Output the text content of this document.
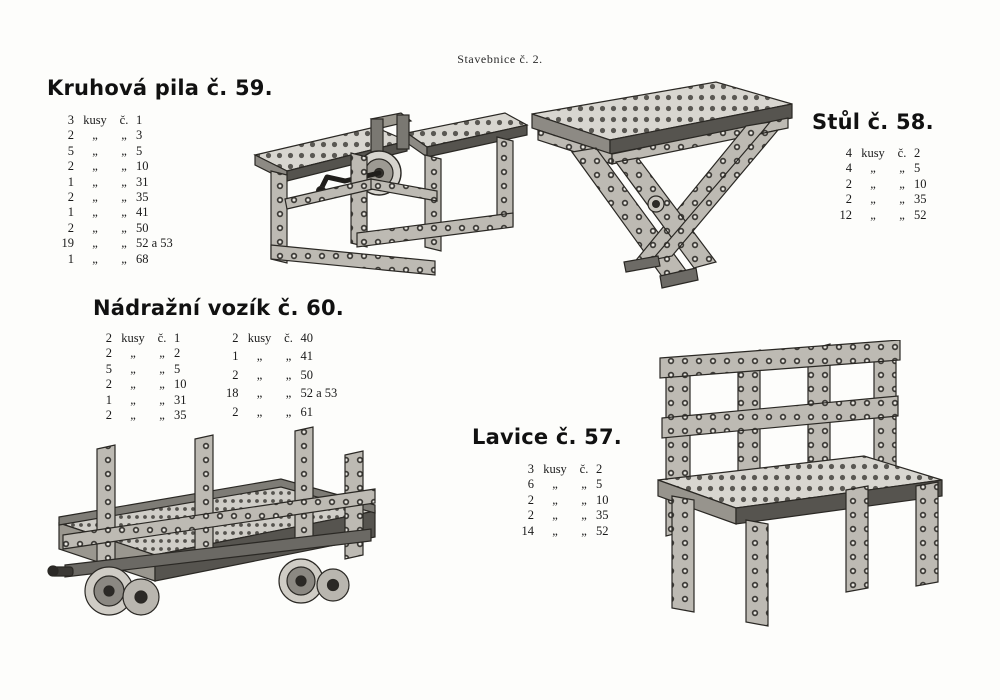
Stavebnice č. 2.
Kruhová pila č. 59.
3	kusy	č.	1
2	„	„	3
5	„	„	5
2	„	„	10
1	„	„	31
2	„	„	35
1	„	„	41
2	„	„	50
19	„	„	52 a 53
1	„	„	68
Stůl č. 58.
4	kusy	č.	2
4	„	„	5
2	„	„	10
2	„	„	35
12	„	„	52
Nádražní vozík č. 60.
2	kusy	č.	1
2	„	„	2
5	„	„	5
2	„	„	10
1	„	„	31
2	„	„	35
2	kusy	č.	40
1	„	„	41
2	„	„	50
18	„	„	52 a 53
2	„	„	61
Lavice č. 57.
3	kusy	č.	2
6	„	„	5
2	„	„	10
2	„	„	35
14	„	„	52
